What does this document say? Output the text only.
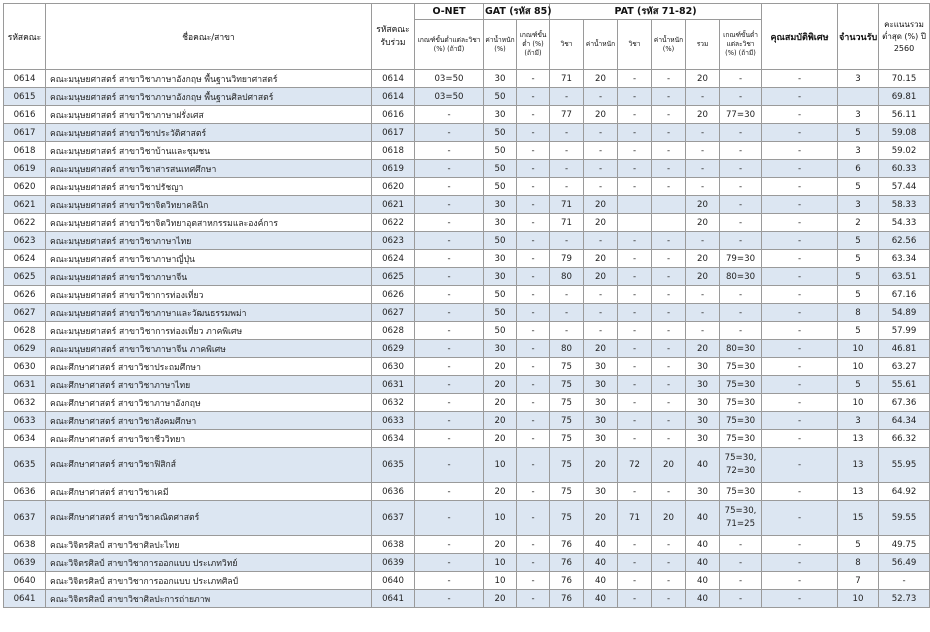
รหัสคณะ	ชื่อคณะ/สาขา	รหัสคณะรับร่วม	O-NET	GAT (รหัส 85)		PAT (รหัส 71-82)						คุณสมบัติพิเศษ	จำนวนรับ	คะแนนรวมต่ำสุด (%) ปี 2560
			เกณฑ์ขั้นต่ำแต่ละวิชา (%) (ถ้ามี)	ค่าน้ำหนัก (%)	เกณฑ์ขั้นต่ำ (%) (ถ้ามี)	วิชา	ค่าน้ำหนัก	วิชา	ค่าน้ำหนัก (%)	รวม	เกณฑ์ขั้นต่ำแต่ละวิชา (%) (ถ้ามี)			
0614	คณะมนุษยศาสตร์ สาขาวิชาภาษาอังกฤษ พื้นฐานวิทยาศาสตร์	0614	03=50	30	-	71	20	-	-	20	-	-	3	70.15
0615	คณะมนุษยศาสตร์ สาขาวิชาภาษาอังกฤษ พื้นฐานศิลปศาสตร์	0614	03=50	50	-	-	-	-	-	-	-	-		69.81
0616	คณะมนุษยศาสตร์ สาขาวิชาภาษาฝรั่งเศส	0616	-	30	-	77	20	-	-	20	77=30	-	3	56.11
0617	คณะมนุษยศาสตร์ สาขาวิชาประวัติศาสตร์	0617	-	50	-	-	-	-	-	-	-	-	5	59.08
0618	คณะมนุษยศาสตร์ สาขาวิชาบ้านและชุมชน	0618	-	50	-	-	-	-	-	-	-	-	3	59.02
0619	คณะมนุษยศาสตร์ สาขาวิชาสารสนเทศศึกษา	0619	-	50	-	-	-	-	-	-	-	-	6	60.33
0620	คณะมนุษยศาสตร์ สาขาวิชาปรัชญา	0620	-	50	-	-	-	-	-	-	-	-	5	57.44
0621	คณะมนุษยศาสตร์ สาขาวิชาจิตวิทยาคลินิก	0621	-	30	-	71	20			20	-	-	3	58.33
0622	คณะมนุษยศาสตร์ สาขาวิชาจิตวิทยาอุตสาหกรรมและองค์การ	0622	-	30	-	71	20			20	-	-	2	54.33
0623	คณะมนุษยศาสตร์ สาขาวิชาภาษาไทย	0623	-	50	-	-	-	-	-	-	-	-	5	62.56
0624	คณะมนุษยศาสตร์ สาขาวิชาภาษาญี่ปุ่น	0624	-	30	-	79	20	-	-	20	79=30	-	5	63.34
0625	คณะมนุษยศาสตร์ สาขาวิชาภาษาจีน	0625	-	30	-	80	20	-	-	20	80=30	-	5	63.51
0626	คณะมนุษยศาสตร์ สาขาวิชาการท่องเที่ยว	0626	-	50	-	-	-	-	-	-	-	-	5	67.16
0627	คณะมนุษยศาสตร์ สาขาวิชาภาษาและวัฒนธรรมพม่า	0627	-	50	-	-	-	-	-	-	-	-	8	54.89
0628	คณะมนุษยศาสตร์ สาขาวิชาการท่องเที่ยว ภาคพิเศษ	0628	-	50	-	-	-	-	-	-	-	-	5	57.99
0629	คณะมนุษยศาสตร์ สาขาวิชาภาษาจีน ภาคพิเศษ	0629	-	30	-	80	20	-	-	20	80=30	-	10	46.81
0630	คณะศึกษาศาสตร์ สาขาวิชาประถมศึกษา	0630	-	20	-	75	30	-	-	30	75=30	-	10	63.27
0631	คณะศึกษาศาสตร์ สาขาวิชาภาษาไทย	0631	-	20	-	75	30	-	-	30	75=30	-	5	55.61
0632	คณะศึกษาศาสตร์ สาขาวิชาภาษาอังกฤษ	0632	-	20	-	75	30	-	-	30	75=30	-	10	67.36
0633	คณะศึกษาศาสตร์ สาขาวิชาสังคมศึกษา	0633	-	20	-	75	30	-	-	30	75=30	-	3	64.34
0634	คณะศึกษาศาสตร์ สาขาวิชาชีววิทยา	0634	-	20	-	75	30	-	-	30	75=30	-	13	66.32
0635	คณะศึกษาศาสตร์ สาขาวิชาฟิสิกส์	0635	-	10	-	75	20	72	20	40	75=30, 72=30	-	13	55.95
0636	คณะศึกษาศาสตร์ สาขาวิชาเคมี	0636	-	20	-	75	30	-	-	30	75=30	-	13	64.92
0637	คณะศึกษาศาสตร์ สาขาวิชาคณิตศาสตร์	0637	-	10	-	75	20	71	20	40	75=30, 71=25	-	15	59.55
0638	คณะวิจิตรศิลป์ สาขาวิชาศิลปะไทย	0638	-	20	-	76	40	-	-	40	-	-	5	49.75
0639	คณะวิจิตรศิลป์ สาขาวิชาการออกแบบ ประเภทวิทย์	0639	-	10	-	76	40	-	-	40	-	-	8	56.49
0640	คณะวิจิตรศิลป์ สาขาวิชาการออกแบบ ประเภทศิลป์	0640	-	10	-	76	40	-	-	40	-	-	7	-
0641	คณะวิจิตรศิลป์ สาขาวิชาศิลปะการถ่ายภาพ	0641	-	20	-	76	40	-	-	40	-	-	10	52.73
